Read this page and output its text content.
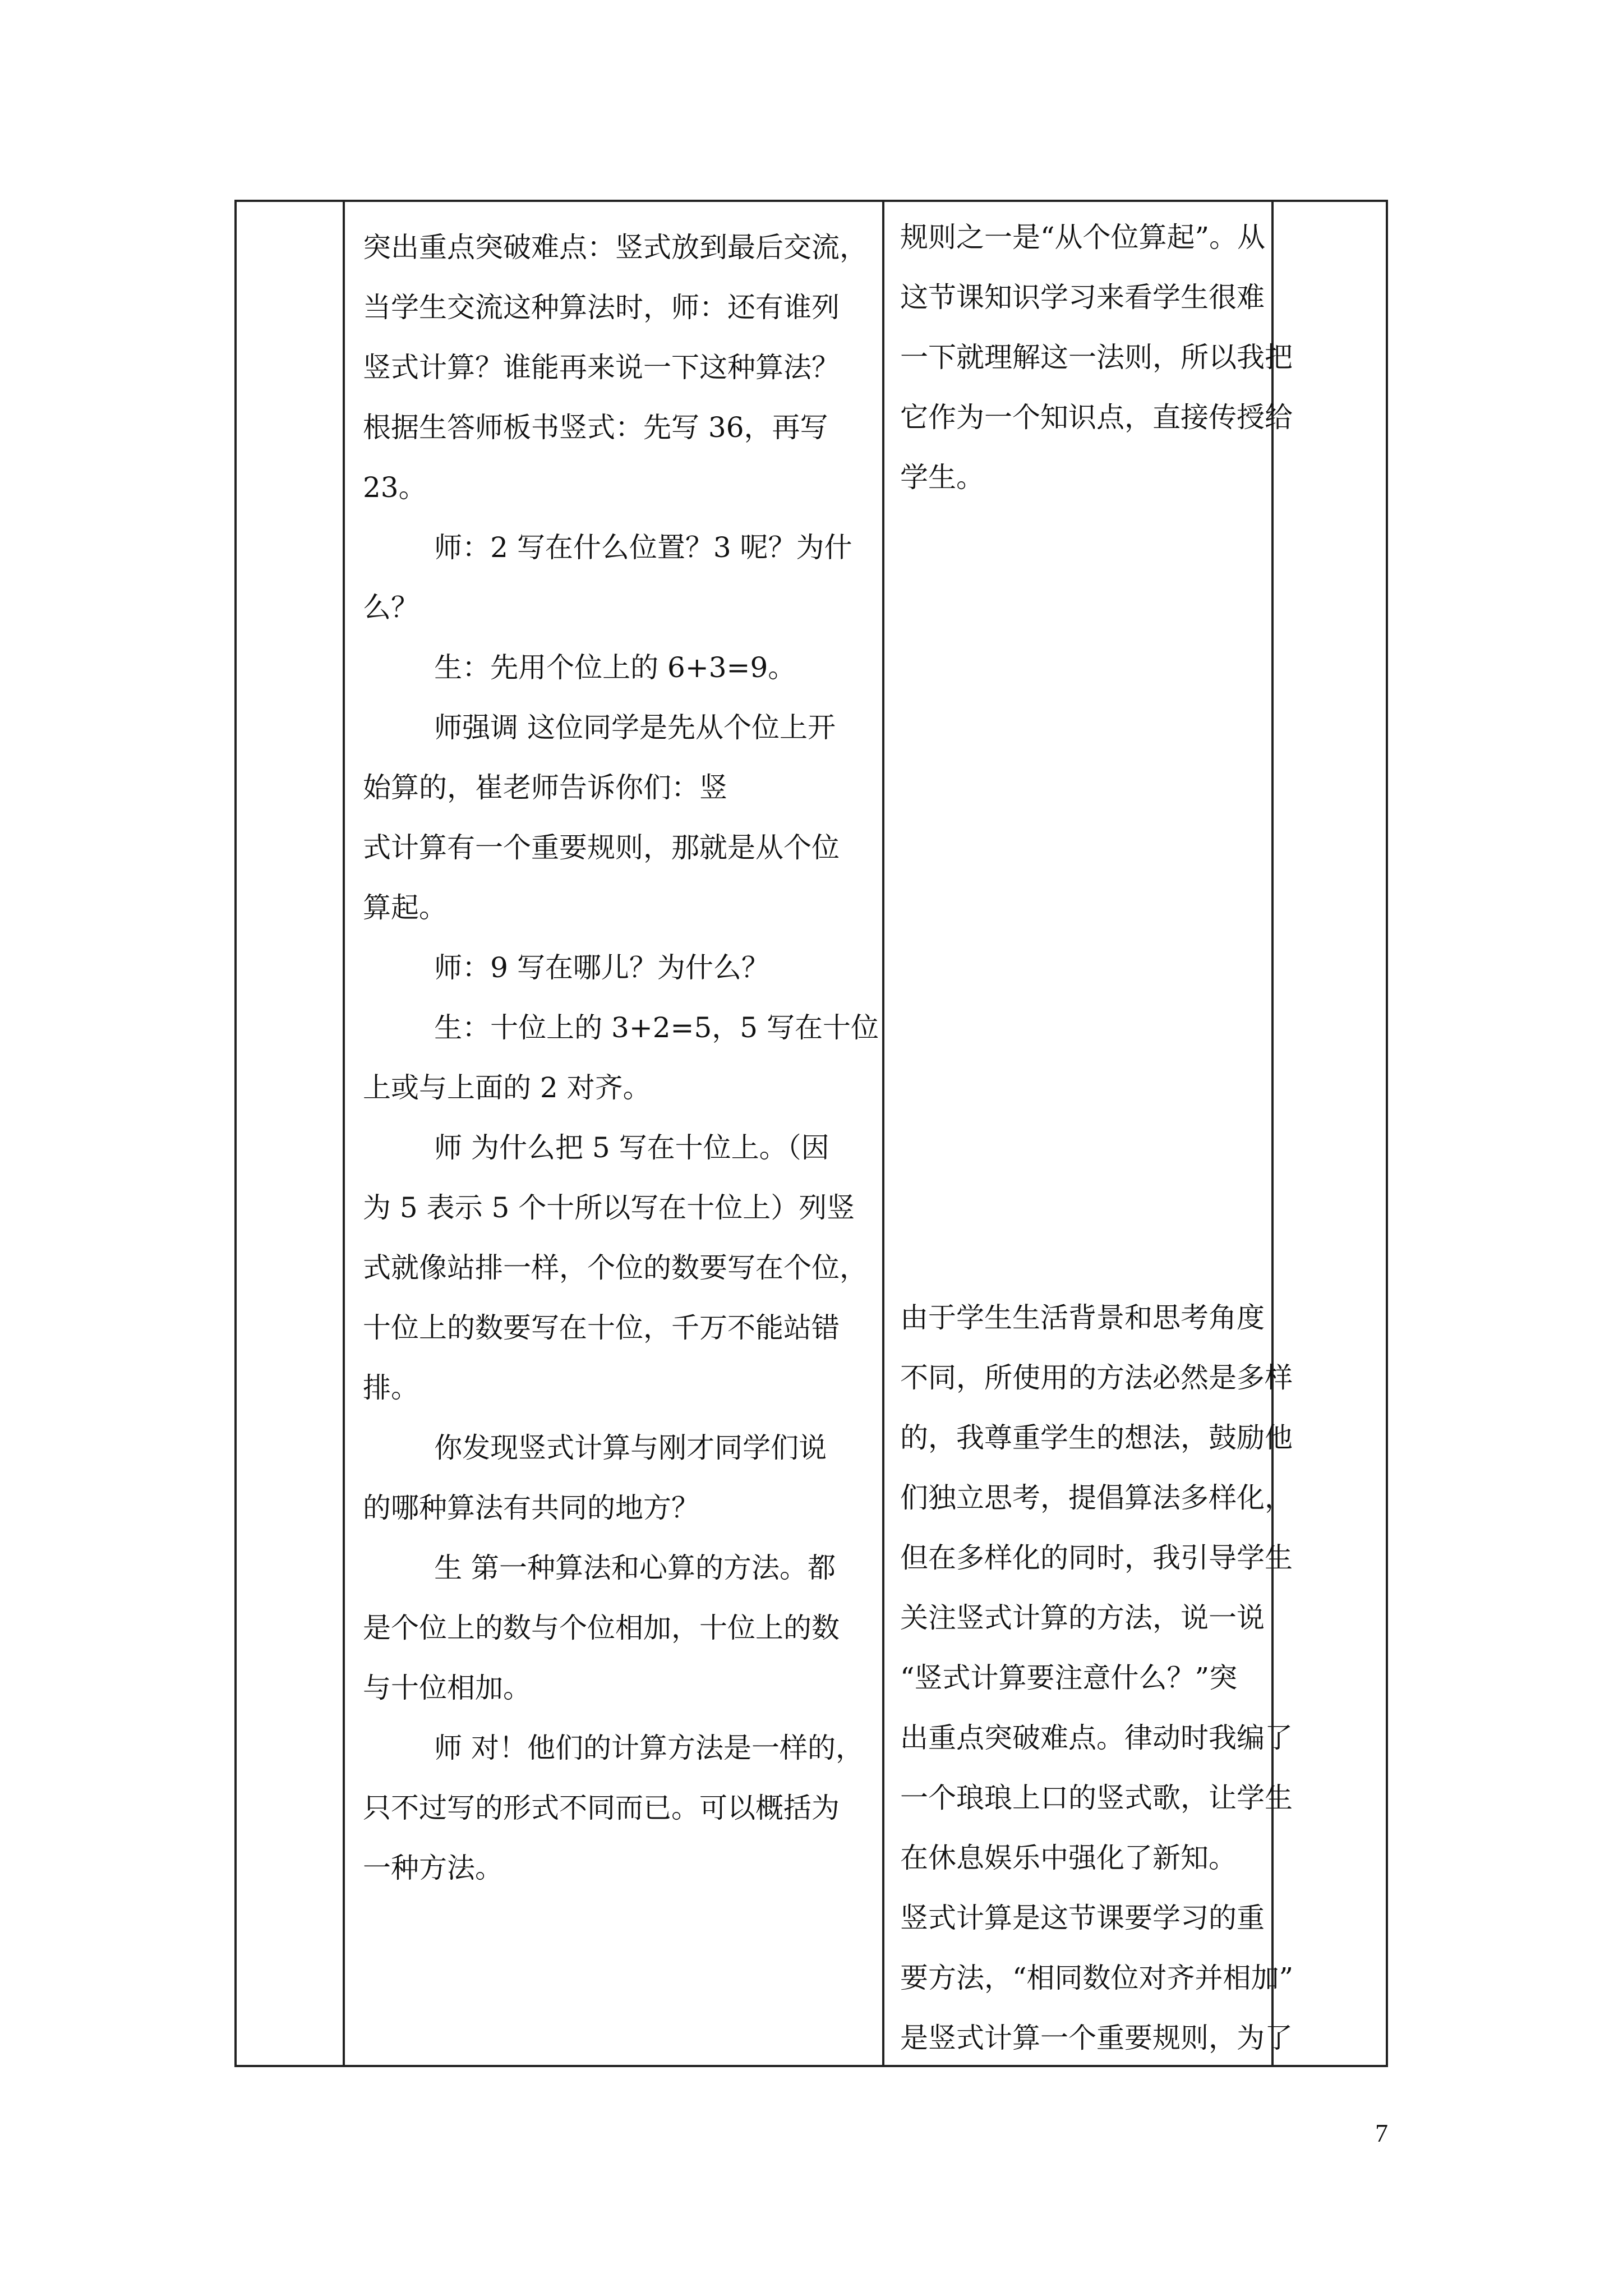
突出重点突破难点：竖式放到最后交流，

当学生交流这种算法时，师：还有谁列

竖式计算？谁能再来说一下这种算法？

根据生答师板书竖式：先写 36，再写

23。

师：2 写在什么位置？3 呢？为什

么？

生：先用个位上的 6+3=9。

师强调 这位同学是先从个位上开

始算的，崔老师告诉你们：竖

式计算有一个重要规则，那就是从个位

算起。

师：9 写在哪儿？为什么？

生：十位上的 3+2=5，5 写在十位

上或与上面的 2 对齐。

师 为什么把 5 写在十位上。（因

为 5 表示 5 个十所以写在十位上）列竖

式就像站排一样，个位的数要写在个位，

十位上的数要写在十位，千万不能站错

排。

你发现竖式计算与刚才同学们说

的哪种算法有共同的地方？

生 第一种算法和心算的方法。都

是个位上的数与个位相加，十位上的数

与十位相加。

师 对！他们的计算方法是一样的，

只不过写的形式不同而已。可以概括为

一种方法。

规则之一是“从个位算起”。从

这节课知识学习来看学生很难

一下就理解这一法则，所以我把

它作为一个知识点，直接传授给

学生。

由于学生生活背景和思考角度

不同，所使用的方法必然是多样

的，我尊重学生的想法，鼓励他

们独立思考，提倡算法多样化，

但在多样化的同时，我引导学生

关注竖式计算的方法，说一说

“竖式计算要注意什么？”突

出重点突破难点。律动时我编了

一个琅琅上口的竖式歌，让学生

在休息娱乐中强化了新知。

竖式计算是这节课要学习的重

要方法，“相同数位对齐并相加”

是竖式计算一个重要规则，为了

7
